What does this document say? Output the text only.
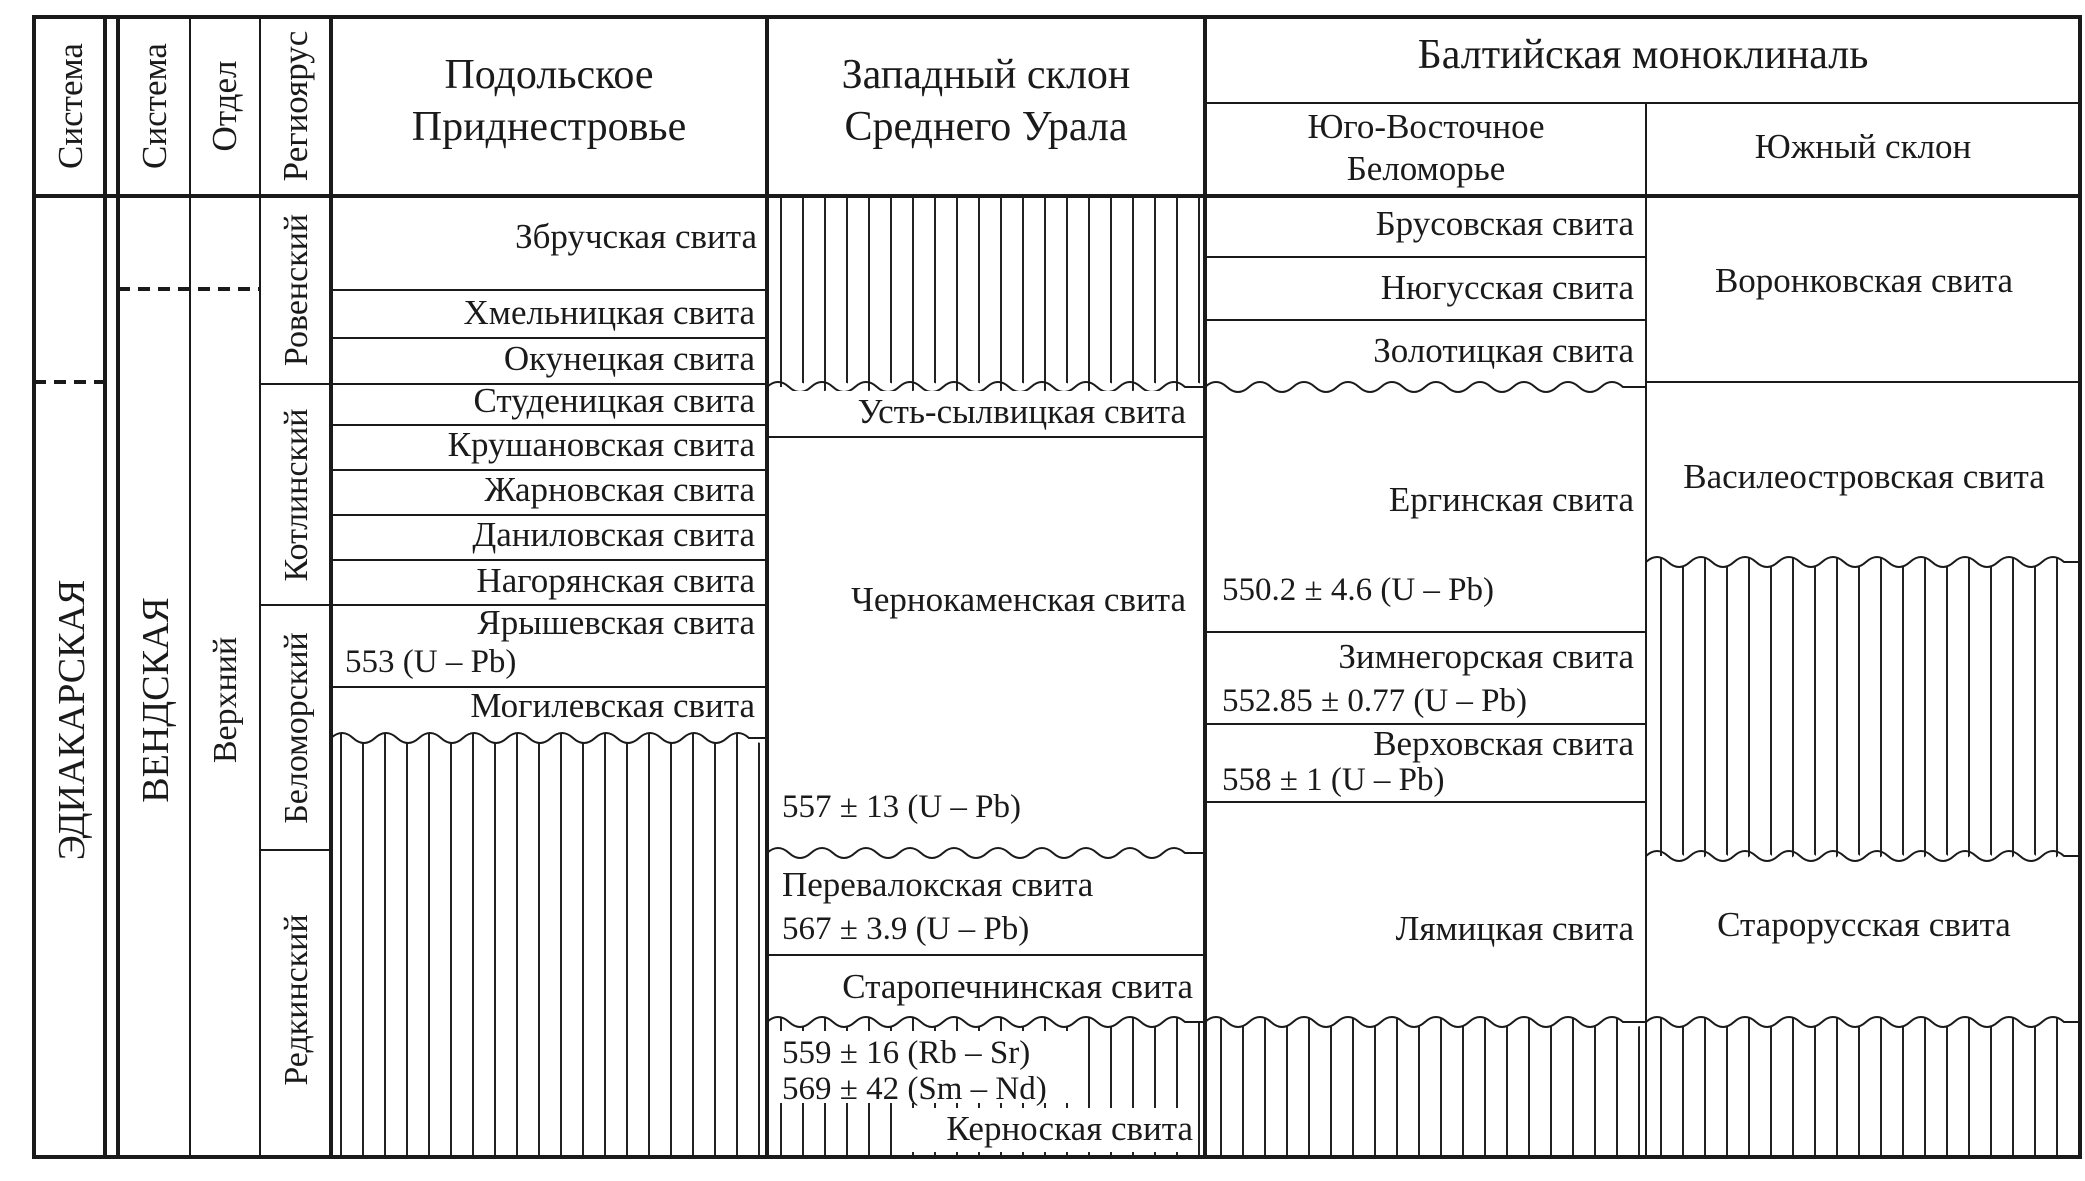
Система Система Отдел Региоярус	Подольское
Приднестровье
Западный склон
Среднего Урала
Балтийская моноклиналь
Юго-Восточное
Беломорье
Южный склон
ЭДИАКАРСКАЯ ВЕНДСКАЯ Верхний
Ровенский
Котлинский
Беломорский
Редкинский
Збручская свита
Хмельницкая свита
Окунецкая свита
Студеницкая свита
Крушановская свита
Жарновская свита
Даниловская свита
Нагорянская свита
Ярышевская свита
553 (U – Pb)
Могилевская свита
Усть-сылвицкая свита
Чернокаменская свита
557 ± 13 (U – Pb)
Перевалокская свита
567 ± 3.9 (U – Pb)
Старопечнинская свита
559 ± 16 (Rb – Sr)
569 ± 42 (Sm – Nd)
Керноская свита
Брусовская свита
Нюгусская свита
Золотицкая свита
Ергинская свита
550.2 ± 4.6 (U – Pb)
Зимнегорская свита
552.85 ± 0.77 (U – Pb)
Верховская свита
558 ± 1 (U – Pb)
Лямицкая свита
Воронковская свита
Василеостровская свита
Старорусская свита
